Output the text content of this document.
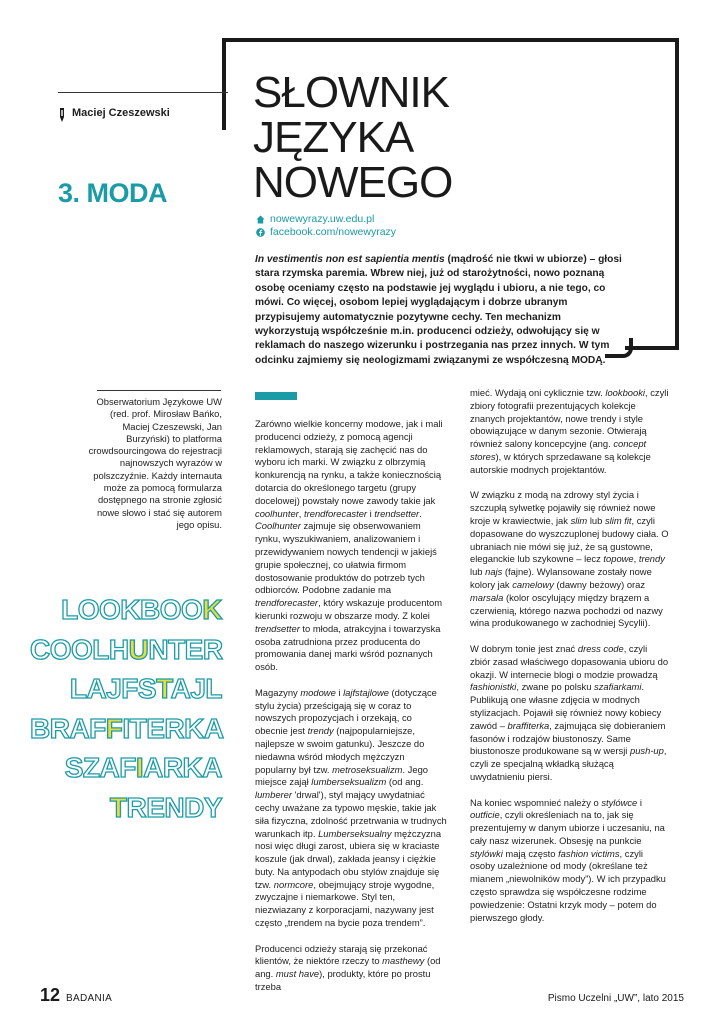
Maciej Czeszewski
3. MODA
SŁOWNIK
JĘZYKA
NOWEGO
nowewyrazy.uw.edu.pl
facebook.com/nowewyrazy
In vestimentis non est sapientia mentis (mądrość nie tkwi w ubiorze) – głosi stara rzymska paremia. Wbrew niej, już od starożytności, nowo poznaną osobę oceniamy często na podstawie jej wyglądu i ubioru, a nie tego, co mówi. Co więcej, osobom lepiej wyglądającym i dobrze ubranym przypisujemy automatycznie pozytywne cechy. Ten mechanizm wykorzystują współcześnie m.in. producenci odzieży, odwołujący się w reklamach do naszego wizerunku i postrzegania nas przez innych. W tym odcinku zajmiemy się neologizmami związanymi ze współczesną MODĄ.
Obserwatorium Językowe UW (red. prof. Mirosław Bańko, Maciej Czeszewski, Jan Burzyński) to platforma crowdsourcingowa do rejestracji najnowszych wyrazów w polszczyźnie. Każdy internauta może za pomocą formularza dostępnego na stronie zgłosić nowe słowo i stać się autorem jego opisu.

Zarówno wielkie koncerny modowe, jak i mali producenci odzieży, z pomocą agencji reklamowych, starają się zachęcić nas do wyboru ich marki. W związku z olbrzymią konkurencją na rynku, a także koniecznością dotarcia do określonego targetu (grupy docelowej) powstały nowe zawody takie jak coolhunter, trendforecaster i trendsetter. Coolhunter zajmuje się obserwowaniem rynku, wyszukiwaniem, analizowaniem i przewidywaniem nowych tendencji w jakiejś grupie społecznej, co ułatwia firmom dostosowanie produktów do potrzeb tych odbiorców. Podobne zadanie ma trendforecaster, który wskazuje producentom kierunki rozwoju w obszarze mody. Z kolei trendsetter to młoda, atrakcyjna i towarzyska osoba zatrudniona przez producenta do promowania danej marki wśród poznanych osób.

Magazyny modowe i lajfstajlowe (dotyczące stylu życia) prześcigają się w coraz to nowszych propozycjach i orzekają, co obecnie jest trendy (najpopularniejsze, najlepsze w swoim gatunku). Jeszcze do niedawna wśród młodych mężczyzn popularny był tzw. metroseksualizm. Jego miejsce zajął lumberseksualizm (od ang. lumberer 'drwal'), styl mający uwydatniać cechy uważane za typowo męskie, takie jak siła fizyczna, zdolność przetrwania w trudnych warunkach itp. Lumberseksualny mężczyzna nosi więc długi zarost, ubiera się w kraciaste koszule (jak drwal), zakłada jeansy i ciężkie buty. Na antypodach obu stylów znajduje się tzw. normcore, obejmujący stroje wygodne, zwyczajne i niemarkowe. Styl ten, niezwiazany z korporacjami, nazywany jest często „trendem na bycie poza trendem”.

Producenci odzieży starają się przekonać klientów, że niektóre rzeczy to masthewy (od ang. must have), produkty, które po prostu trzeba

mieć. Wydają oni cyklicznie tzw. lookbooki, czyli zbiory fotografii prezentujących kolekcje znanych projektantów, nowe trendy i style obowiązujące w danym sezonie. Otwierają również salony koncepcyjne (ang. concept stores), w których sprzedawane są kolekcje autorskie modnych projektantów.

W związku z modą na zdrowy styl życia i szczupłą sylwetkę pojawiły się również nowe kroje w krawiectwie, jak slim lub slim fit, czyli dopasowane do wyszczuplonej budowy ciała. O ubraniach nie mówi się już, że są gustowne, eleganckie lub szykowne – lecz topowe, trendy lub najs (fajne). Wylansowane zostały nowe kolory jak camelowy (dawny beżowy) oraz marsala (kolor oscylujący między brązem a czerwienią, którego nazwa pochodzi od nazwy wina produkowanego w zachodniej Sycylii).

W dobrym tonie jest znać dress code, czyli zbiór zasad właściwego dopasowania ubioru do okazji. W internecie blogi o modzie prowadzą fashionistki, zwane po polsku szafiarkami. Publikują one własne zdjęcia w modnych stylizacjach. Pojawił się również nowy kobiecy zawód – braffiterka, zajmująca się dobieraniem fasonów i rodzajów biustonoszy. Same biustonosze produkowane są w wersji push-up, czyli ze specjalną wkładką służącą uwydatnieniu piersi.

Na koniec wspomnieć należy o stylówce i outficie, czyli określeniach na to, jak się prezentujemy w danym ubiorze i uczesaniu, na cały nasz wizerunek. Obsesję na punkcie stylówki mają często fashion victims, czyli osoby uzależnione od mody (określane też mianem „niewolników mody”). W ich przypadku często sprawdza się współczesne rodzime powiedzenie: Ostatni krzyk mody – potem do pierwszego głody.

LOOKBOOK
COOLHUNTER
LAJFSTAJL
BRAFFITERKA
SZAFIARKA
TRENDY
12 BADANIA	Pismo Uczelni „UW”, lato 2015
